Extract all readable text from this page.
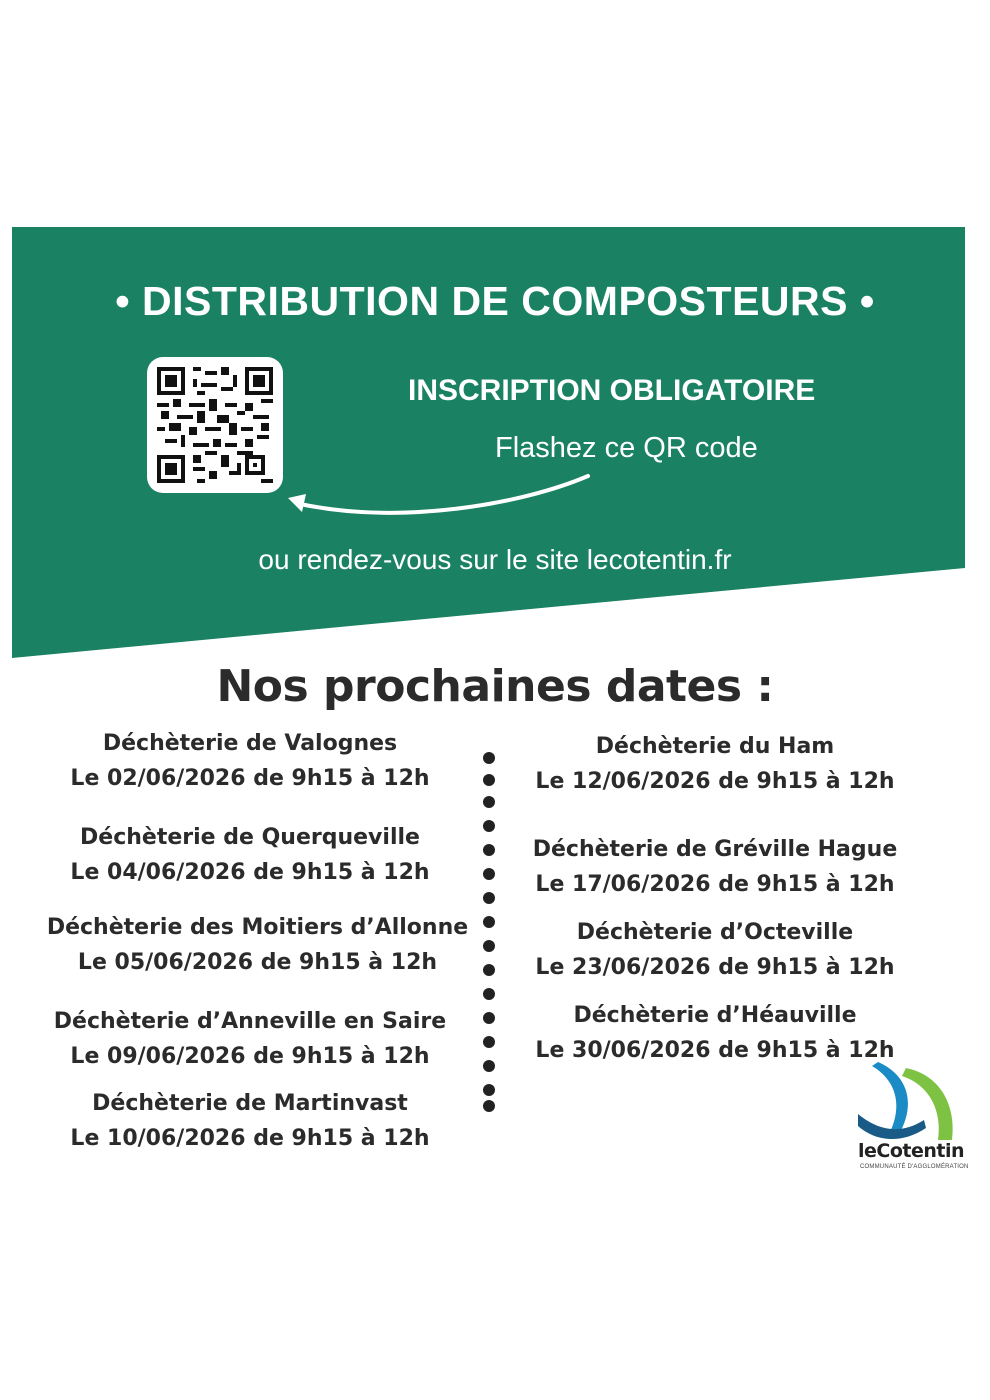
• DISTRIBUTION DE COMPOSTEURS •
INSCRIPTION OBLIGATOIRE
Flashez ce QR code
ou rendez-vous sur le site lecotentin.fr
Nos prochaines dates :
Déchèterie de Valognes
Le 02/06/2026 de 9h15 à 12h
Déchèterie de Querqueville
Le 04/06/2026 de 9h15 à 12h
Déchèterie des Moitiers d’Allonne
Le 05/06/2026 de 9h15 à 12h
Déchèterie d’Anneville en Saire
Le 09/06/2026 de 9h15 à 12h
Déchèterie de Martinvast
Le 10/06/2026 de 9h15 à 12h
Déchèterie du Ham
Le 12/06/2026 de 9h15 à 12h
Déchèterie de Gréville Hague
Le 17/06/2026 de 9h15 à 12h
Déchèterie d’Octeville
Le 23/06/2026 de 9h15 à 12h
Déchèterie d’Héauville
Le 30/06/2026 de 9h15 à 12h
leCotentin
COMMUNAUTÉ D'AGGLOMÉRATION
